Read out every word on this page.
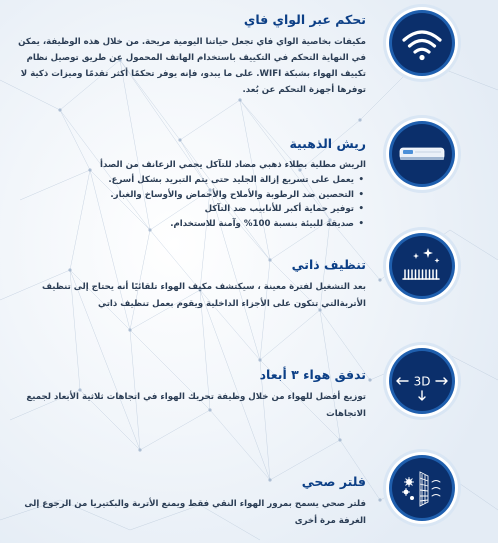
تحكم عبر الواي فاي

مكيفات بخاصية الواي فاي تجعل حياتنا اليومية مريحة. من خلال هذه الوظيفة، يمكن في النهاية التحكم في التكييف باستخدام الهاتف المحمول عن طريق توصيل نظام تكييف الهواء بشبكة WIFI. على ما يبدو، فإنه يوفر تحكمًا أكثر تقدمًا وميزات ذكية لا توفرها أجهزة التحكم عن بُعد.

ريش الذهبية

الريش مطلية بطلاء ذهبي مضاد للتآكل يحمي الزعانف من الصدأ

• يعمل على تسريع إزالة الجليد حتى يتم التبريد بشكل أسرع.
• التحصين ضد الرطوبة والأملاح والأحماض والأوساخ والغبار.
• توفير حماية أكبر للأنابيب ضد التآكل
• صديقة للبيئة بنسبة 100% وآمنة للاستخدام.
تنظيف ذاتي

بعد التشغيل لفترة معينة ، سيكتشف مكيف الهواء تلقائيًا أنه يحتاج إلى تنظيف الأتربةالتي تتكون على الأجزاء الداخلية ويقوم بعمل تنظيف ذاتي

تدفق هواء ٣ أبعاد

توزيع أفضل للهواء من خلال وظيفة تحريك الهواء في اتجاهات ثلاثية الأبعاد لجميع الاتجاهات

3D
فلتر صحي

فلتر صحي يسمح بمرور الهواء النقي فقط ويمنع الأتربة والبكتيريا من الرجوع إلى الغرفة مرة أخرى
